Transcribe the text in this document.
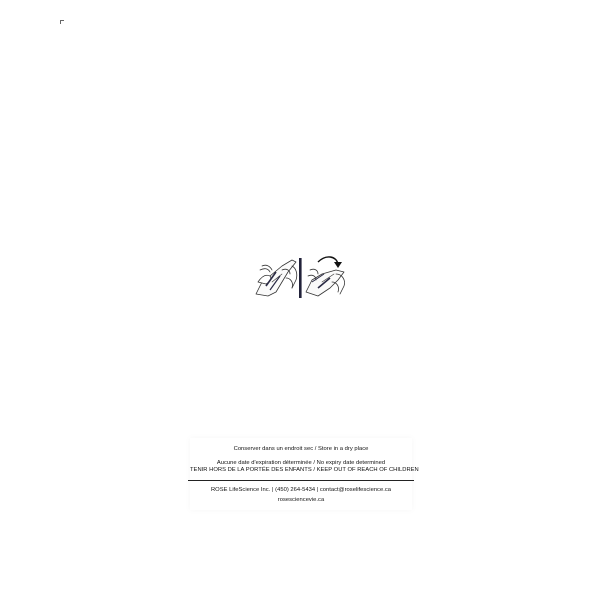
Conserver dans un endroit sec / Store in a dry place
Aucune date d'expiration déterminée / No expiry date determined
TENIR HORS DE LA PORTÉE DES ENFANTS / KEEP OUT OF REACH OF CHILDREN
ROSE LifeScience Inc. | (450) 264-5434 | contact@roselifescience.ca
rosescienceviе.ca
